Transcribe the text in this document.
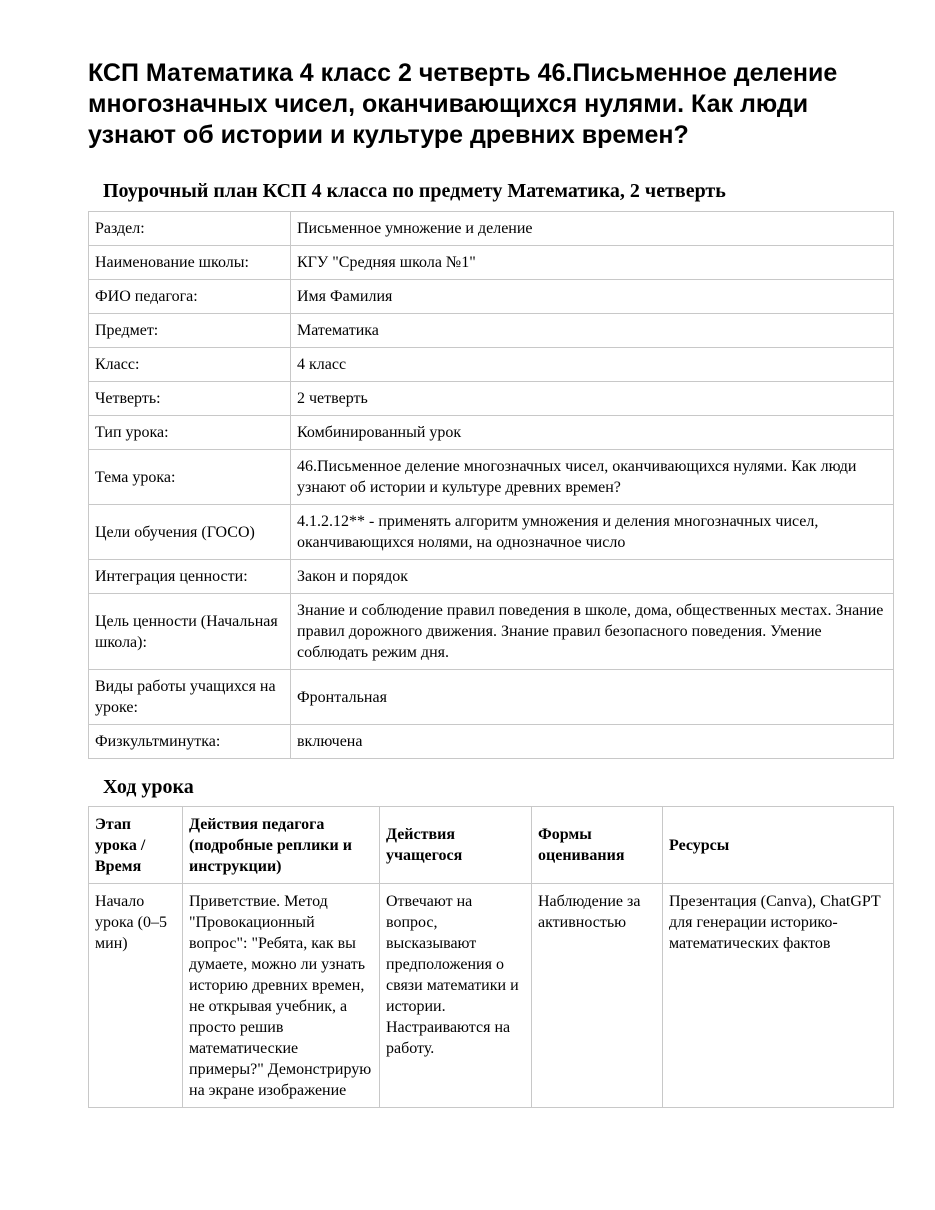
КСП Математика 4 класс 2 четверть 46.Письменное деление многозначных чисел, оканчивающихся нулями. Как люди узнают об истории и культуре древних времен?
Поурочный план КСП 4 класса по предмету Математика, 2 четверть
Раздел:	Письменное умножение и деление
Наименование школы:	КГУ "Средняя школа №1"
ФИО педагога:	Имя Фамилия
Предмет:	Математика
Класс:	4 класс
Четверть:	2 четверть
Тип урока:	Комбинированный урок
Тема урока:	46.Письменное деление многозначных чисел, оканчивающихся нулями. Как люди узнают об истории и культуре древних времен?
Цели обучения (ГОСО)	4.1.2.12** - применять алгоритм умножения и деления многозначных чисел, оканчивающихся нолями, на однозначное число
Интеграция ценности:	Закон и порядок
Цель ценности (Начальная школа):	Знание и соблюдение правил поведения в школе, дома, общественных местах. Знание правил дорожного движения. Знание правил безопасного поведения. Умение соблюдать режим дня.
Виды работы учащихся на уроке:	Фронтальная
Физкультминутка:	включена
Ход урока
Этап урока / Время	Действия педагога (подробные реплики и инструкции)	Действия учащегося	Формы оценивания	Ресурсы
Начало урока (0–5 мин)	Приветствие. Метод "Провокационный вопрос": "Ребята, как вы думаете, можно ли узнать историю древних времен, не открывая учебник, а просто решив математические примеры?" Демонстрирую на экране изображение	Отвечают на вопрос, высказывают предположения о связи математики и истории. Настраиваются на работу.	Наблюдение за активностью	Презентация (Canva), ChatGPT для генерации историко-математических фактов
